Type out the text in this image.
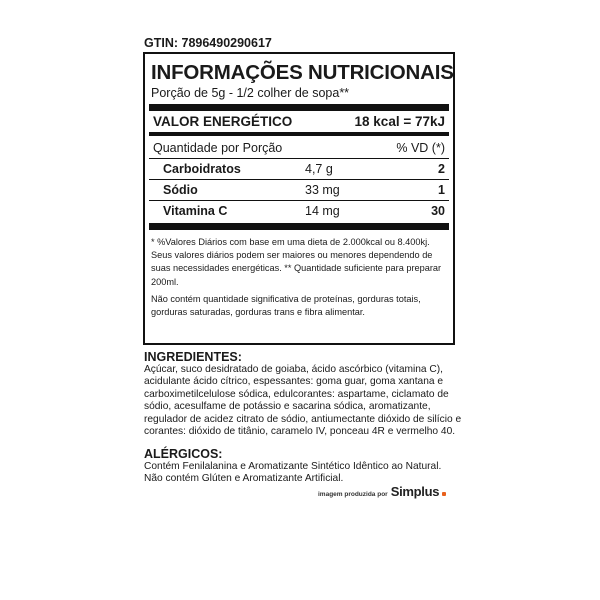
GTIN: 7896490290617
INFORMAÇÕES NUTRICIONAIS
Porção de 5g - 1/2 colher de sopa**
VALOR ENERGÉTICO	18 kcal = 77kJ
Quantidade por Porção	% VD (*)
Carboidratos	4,7 g	2
Sódio	33 mg	1
Vitamina C	14 mg	30

* %Valores Diários com base em uma dieta de 2.000kcal ou 8.400kj. Seus valores diários podem ser maiores ou menores dependendo de suas necessidades energéticas. ** Quantidade suficiente para preparar 200ml.

Não contém quantidade significativa de proteínas, gorduras totais, gorduras saturadas, gorduras trans e fibra alimentar.

INGREDIENTES:

Açúcar, suco desidratado de goiaba, ácido ascórbico (vitamina C), acidulante ácido cítrico, espessantes: goma guar, goma xantana e carboximetilcelulose sódica, edulcorantes: aspartame, ciclamato de sódio, acesulfame de potássio e sacarina sódica, aromatizante, regulador de acidez citrato de sódio, antiumectante dióxido de silício e corantes: dióxido de titânio, caramelo IV, ponceau 4R e vermelho 40.

ALÉRGICOS:

Contém Fenilalanina e Aromatizante Sintético Idêntico ao Natural.

Não contém Glúten e Aromatizante Artificial.

imagem produzida por Simplus
